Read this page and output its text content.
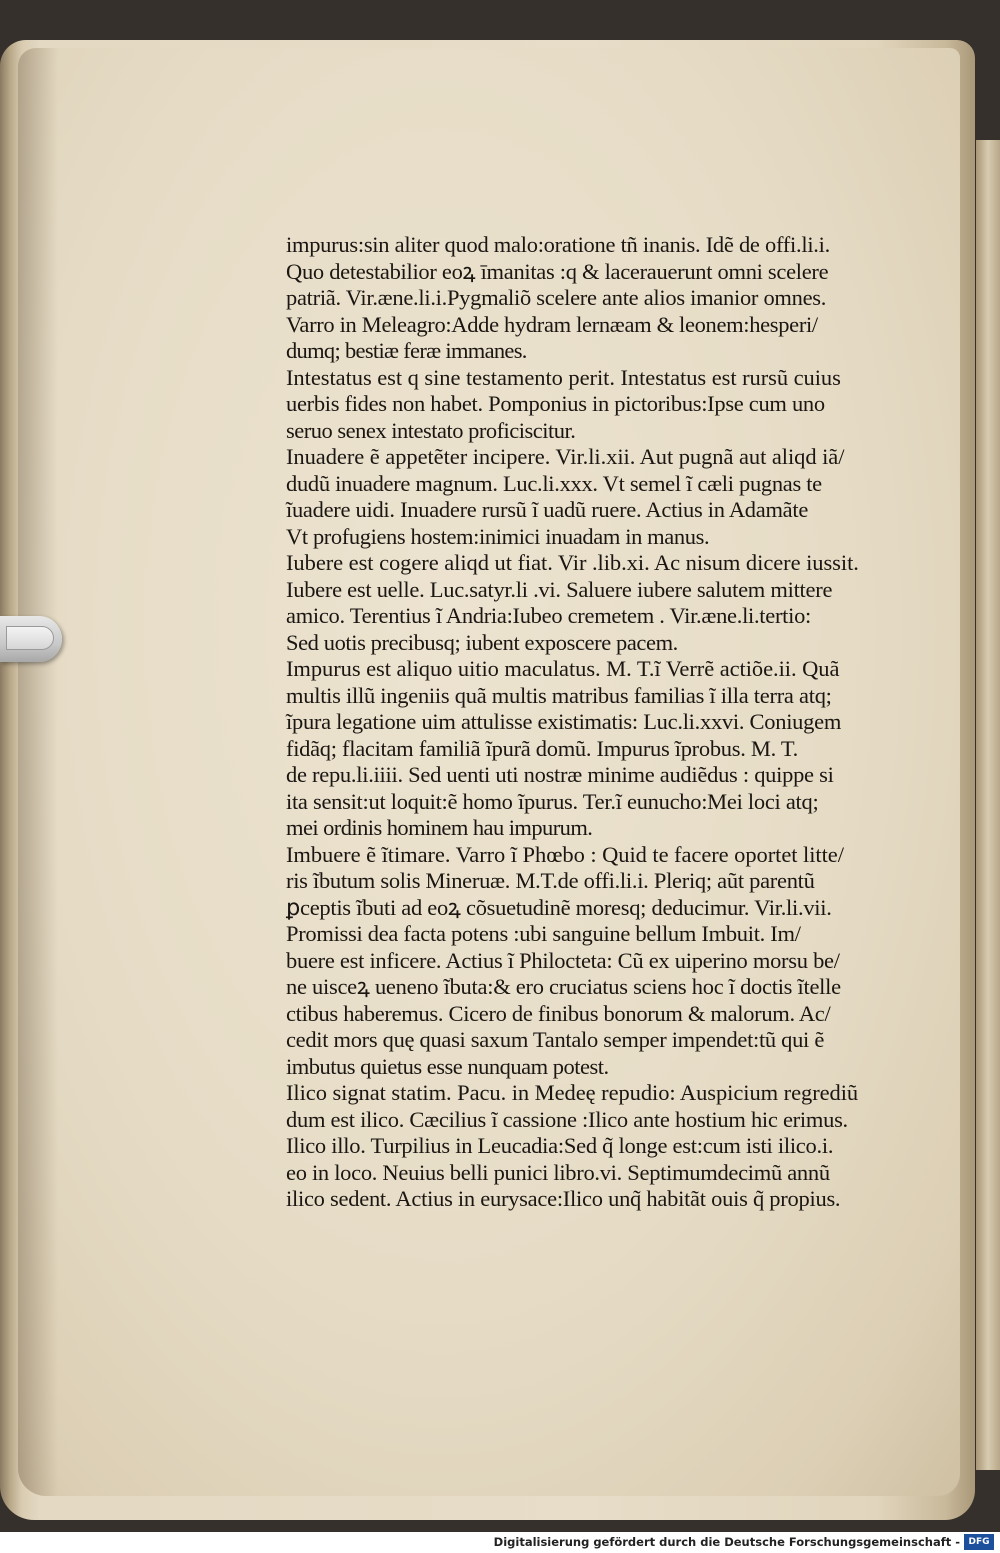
impurus:sin aliter quod malo:oratione tñ inanis. Idẽ de offi.li.i.
Quo detestabilior eoꝝ īmanitas :q & lacerauerunt omni scelere
patriã. Vir.æne.li.i.Pygmaliõ scelere ante alios imanior omnes.
Varro in Meleagro:Adde hydram lernæam & leonem:hesperi/
dumq; bestiæ feræ immanes.
Intestatus est q sine testamento perit. Intestatus est rursũ cuius
uerbis fides non habet. Pomponius in pictoribus:Ipse cum uno
seruo senex intestato proficiscitur.
Inuadere ẽ appetẽter incipere. Vir.li.xii. Aut pugnã aut aliqd iã/
dudũ inuadere magnum. Luc.li.xxx. Vt semel ĩ cæli pugnas te
ĩuadere uidi. Inuadere rursũ ĩ uadũ ruere. Actius in Adamãte
Vt profugiens hostem:inimici inuadam in manus.
Iubere est cogere aliqd ut fiat. Vir .lib.xi. Ac nisum dicere iussit.
Iubere est uelle. Luc.satyr.li .vi. Saluere iubere salutem mittere
amico. Terentius ĩ Andria:Iubeo cremetem . Vir.æne.li.tertio:
Sed uotis precibusq; iubent exposcere pacem.
Impurus est aliquo uitio maculatus. M. T.ĩ Verrẽ actiõe.ii. Quã
multis illũ ingeniis quã multis matribus familias ĩ illa terra atq;
ĩpura legatione uim attulisse existimatis: Luc.li.xxvi. Coniugem
fidãq; flacitam familiã ĩpurã domũ. Impurus ĩprobus. M. T.
de repu.li.iiii. Sed uenti uti nostræ minime audiẽdus : quippe si
ita sensit:ut loquit:ẽ homo ĩpurus. Ter.ĩ eunucho:Mei loci atq;
mei ordinis hominem hau impurum.
Imbuere ẽ ĩtimare. Varro ĩ Phœbo : Quid te facere oportet litte/
ris ĩbutum solis Mineruæ. M.T.de offi.li.i. Pleriq; aũt parentũ
ꝑceptis ĩbuti ad eoꝝ cõsuetudinẽ moresq; deducimur. Vir.li.vii.
Promissi dea facta potens :ubi sanguine bellum Imbuit. Im/
buere est inficere. Actius ĩ Philocteta: Cũ ex uiperino morsu be/
ne uisceꝝ ueneno ĩbuta:& ero cruciatus sciens hoc ĩ doctis ĩtelle
ctibus haberemus. Cicero de finibus bonorum & malorum. Ac/
cedit mors quę quasi saxum Tantalo semper impendet:tũ qui ẽ
imbutus quietus esse nunquam potest.
Ilico signat statim. Pacu. in Medeę repudio: Auspicium regrediũ
dum est ilico. Cæcilius ĩ cassione :Ilico ante hostium hic erimus.
Ilico illo. Turpilius in Leucadia:Sed q̃ longe est:cum isti ilico.i.
eo in loco. Neuius belli punici libro.vi. Septimumdecimũ annũ
ilico sedent. Actius in eurysace:Ilico unq̃ habitãt ouis q̃ propius.
Digitalisierung gefördert durch die Deutsche Forschungsgemeinschaft - DFG
